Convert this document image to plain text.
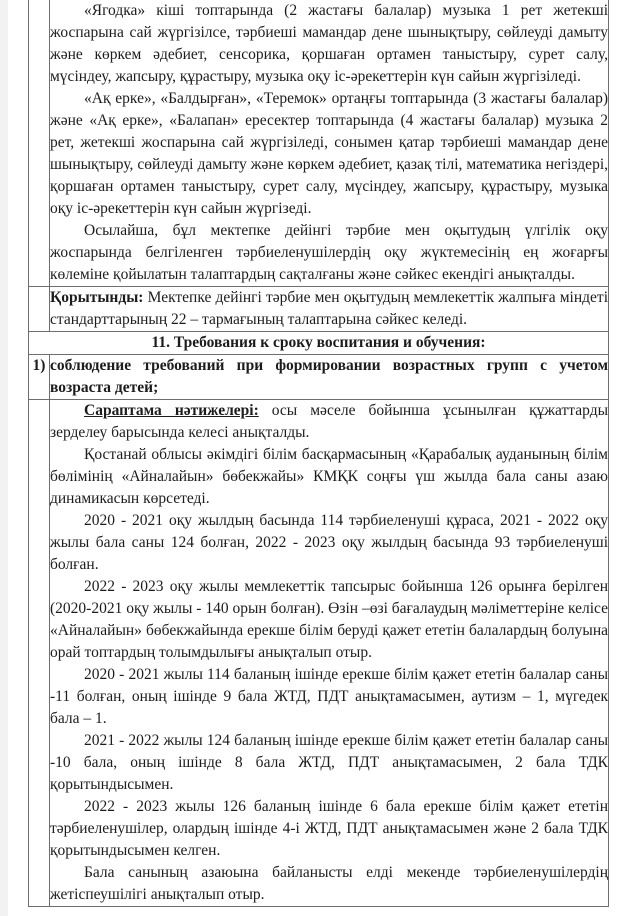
	«Ягодка» кіші топтарында (2 жастағы балалар) музыка 1 рет жетекші жоспарына сай жүргізілсе, тәрбиеші мамандар дене шынықтыру, сөйлеуді дамыту және көркем әдебиет, сенсорика, қоршаған ортамен таныстыру, сурет салу, мүсіндеу, жапсыру, құрастыру, музыка оқу іс-әрекеттерін күн сайын жүргізіледі.

«Ақ ерке», «Балдырған», «Теремок» ортаңғы топтарында (3 жастағы балалар) және «Ақ ерке», «Балапан» ересектер топтарында (4 жастағы балалар) музыка 2 рет, жетекші жоспарына сай жүргізіледі, сонымен қатар тәрбиеші мамандар дене шынықтыру, сөйлеуді дамыту және көркем әдебиет, қазақ тілі, математика негіздері, қоршаған ортамен таныстыру, сурет салу, мүсіндеу, жапсыру, құрастыру, музыка оқу іс-әрекеттерін күн сайын жүргізеді.

Осылайша, бұл мектепке дейінгі тәрбие мен оқытудың үлгілік оқу жоспарында белгіленген тәрбиеленушілердің оқу жүктемесінің ең жоғарғы көлеміне қойылатын талаптардың сақталғаны және сәйкес екендігі анықталды.

	Қорытынды: Мектепке дейінгі тәрбие мен оқытудың мемлекеттік жалпыға міндеті стандарттарының 22 – тармағының талаптарына сәйкес келеді.

11. Требования к сроку воспитания и обучения:	
1)	соблюдение требований при формировании возрастных групп с учетом возраста детей;

Сараптама нәтижелері: осы мәселе бойынша ұсынылған құжаттарды зерделеу барысында келесі анықталды.

Қостанай облысы әкімдігі білім басқармасының «Қарабалық ауданының білім бөлімінің «Айналайын» бөбекжайы» КМҚК соңғы үш жылда бала саны азаю динамикасын көрсетеді.

2020 - 2021 оқу жылдың басында 114 тәрбиеленуші құраса, 2021 - 2022 оқу жылы бала саны 124 болған, 2022 - 2023 оқу жылдың басында 93 тәрбиеленуші болған.

2022 - 2023 оқу жылы мемлекеттік тапсырыс бойынша 126 орынға берілген (2020-2021 оқу жылы - 140 орын болған). Өзін –өзі бағалаудың мәліметтеріне келісе «Айналайын» бөбекжайында ерекше білім беруді қажет ететін балалардың болуына орай топтардың толымдылығы анықталып отыр.

2020 - 2021 жылы 114 баланың ішінде ерекше білім қажет ететін балалар саны -11 болған, оның ішінде 9 бала ЖТД, ПДТ анықтамасымен, аутизм – 1, мүгедек бала – 1.

2021 - 2022 жылы 124 баланың ішінде ерекше білім қажет ететін балалар саны -10 бала, оның ішінде 8 бала ЖТД, ПДТ анықтамасымен, 2 бала ТДК қорытындысымен.

2022 - 2023 жылы 126 баланың ішінде 6 бала ерекше білім қажет ететін тәрбиеленушілер, олардың ішінде 4-і ЖТД, ПДТ анықтамасымен және 2 бала ТДК қорытындысымен келген.

Бала санының азаюына байланысты елді мекенде тәрбиеленушілердің жетіспеушілігі анықталып отыр.
